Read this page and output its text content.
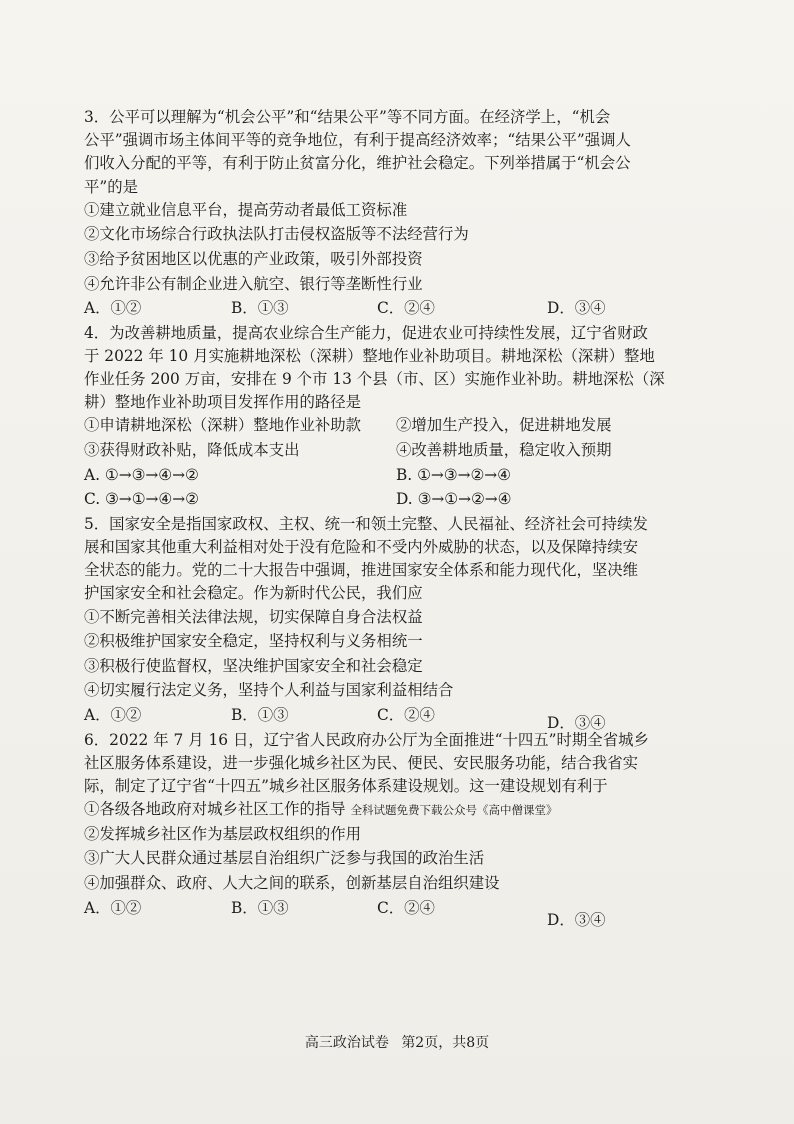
3．公平可以理解为“机会公平”和“结果公平”等不同方面。在经济学上，“机会
公平”强调市场主体间平等的竞争地位，有利于提高经济效率；“结果公平”强调人
们收入分配的平等，有利于防止贫富分化，维护社会稳定。下列举措属于“机会公
平”的是
①建立就业信息平台，提高劳动者最低工资标准
②文化市场综合行政执法队打击侵权盗版等不法经营行为
③给予贫困地区以优惠的产业政策，吸引外部投资
④允许非公有制企业进入航空、银行等垄断性行业
A．①②	B．①③	C．②④	D．③④
4．为改善耕地质量，提高农业综合生产能力，促进农业可持续性发展，辽宁省财政
于 2022 年 10 月实施耕地深松（深耕）整地作业补助项目。耕地深松（深耕）整地
作业任务 200 万亩，安排在 9 个市 13 个县（市、区）实施作业补助。耕地深松（深
耕）整地作业补助项目发挥作用的路径是
①申请耕地深松（深耕）整地作业补助款	②增加生产投入，促进耕地发展
③获得财政补贴，降低成本支出	④改善耕地质量，稳定收入预期
A. ①→③→④→②	B. ①→③→②→④
C. ③→①→④→②	D. ③→①→②→④
5．国家安全是指国家政权、主权、统一和领土完整、人民福祉、经济社会可持续发
展和国家其他重大利益相对处于没有危险和不受内外威胁的状态，以及保障持续安
全状态的能力。党的二十大报告中强调，推进国家安全体系和能力现代化，坚决维
护国家安全和社会稳定。作为新时代公民，我们应
①不断完善相关法律法规，切实保障自身合法权益
②积极维护国家安全稳定，坚持权利与义务相统一
③积极行使监督权，坚决维护国家安全和社会稳定
④切实履行法定义务，坚持个人利益与国家利益相结合
A．①②	B．①③	C．②④	D．③④
6．2022 年 7 月 16 日，辽宁省人民政府办公厅为全面推进“十四五”时期全省城乡
社区服务体系建设，进一步强化城乡社区为民、便民、安民服务功能，结合我省实
际，制定了辽宁省“十四五”城乡社区服务体系建设规划。这一建设规划有利于
①各级各地政府对城乡社区工作的指导 全科试题免费下载公众号《高中僧课堂》
②发挥城乡社区作为基层政权组织的作用
③广大人民群众通过基层自治组织广泛参与我国的政治生活
④加强群众、政府、人大之间的联系，创新基层自治组织建设
A．①②	B．①③	C．②④
D．③④
高三政治试卷 第2页，共8页
